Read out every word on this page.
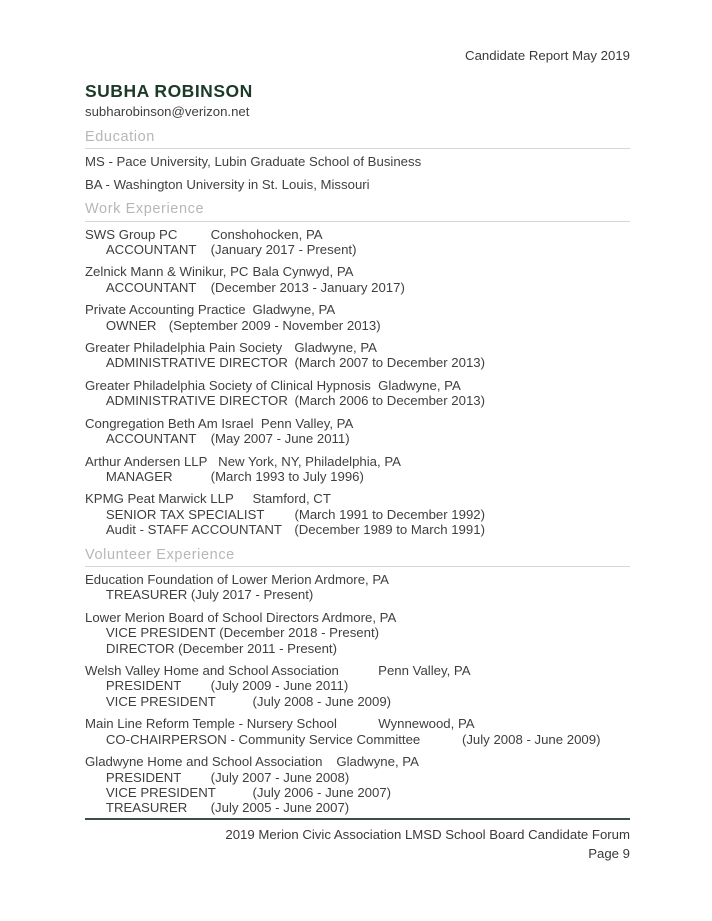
Candidate Report May 2019
SUBHA ROBINSON
subharobinson@verizon.net
Education
MS - Pace University, Lubin Graduate School of Business
BA - Washington University in St. Louis, Missouri
Work Experience
SWS Group PC	Conshohocken, PA
ACCOUNTANT (January 2017 - Present)
Zelnick Mann & Winikur, PC Bala Cynwyd, PA
ACCOUNTANT (December 2013 - January 2017)
Private Accounting Practice Gladwyne, PA
OWNER (September 2009 - November 2013)
Greater Philadelphia Pain Society Gladwyne, PA
ADMINISTRATIVE DIRECTOR (March 2007 to December 2013)
Greater Philadelphia Society of Clinical Hypnosis Gladwyne, PA
ADMINISTRATIVE DIRECTOR (March 2006 to December 2013)
Congregation Beth Am Israel  Penn Valley, PA
ACCOUNTANT (May 2007 - June 2011)
Arthur Andersen LLP   New York, NY, Philadelphia, PA
MANAGER	(March 1993 to July 1996)
KPMG Peat Marwick LLP Stamford, CT
SENIOR TAX SPECIALIST (March 1991 to December 1992)
Audit - STAFF ACCOUNTANT (December 1989 to March 1991)
Volunteer Experience
Education Foundation of Lower Merion Ardmore, PA
TREASURER (July 2017 - Present)
Lower Merion Board of School Directors Ardmore, PA
VICE PRESIDENT (December 2018 - Present)
DIRECTOR (December 2011 - Present)
Welsh Valley Home and School Association	Penn Valley, PA
PRESIDENT (July 2009 - June 2011)
VICE PRESIDENT	(July 2008 - June 2009)
Main Line Reform Temple - Nursery School	Wynnewood, PA
CO-CHAIRPERSON - Community Service Committee	(July 2008 - June 2009)
Gladwyne Home and School Association Gladwyne, PA
PRESIDENT (July 2007 - June 2008)
VICE PRESIDENT	(July 2006 - June 2007)
TREASURER (July 2005 - June 2007)
2019 Merion Civic Association LMSD School Board Candidate Forum
Page 9
